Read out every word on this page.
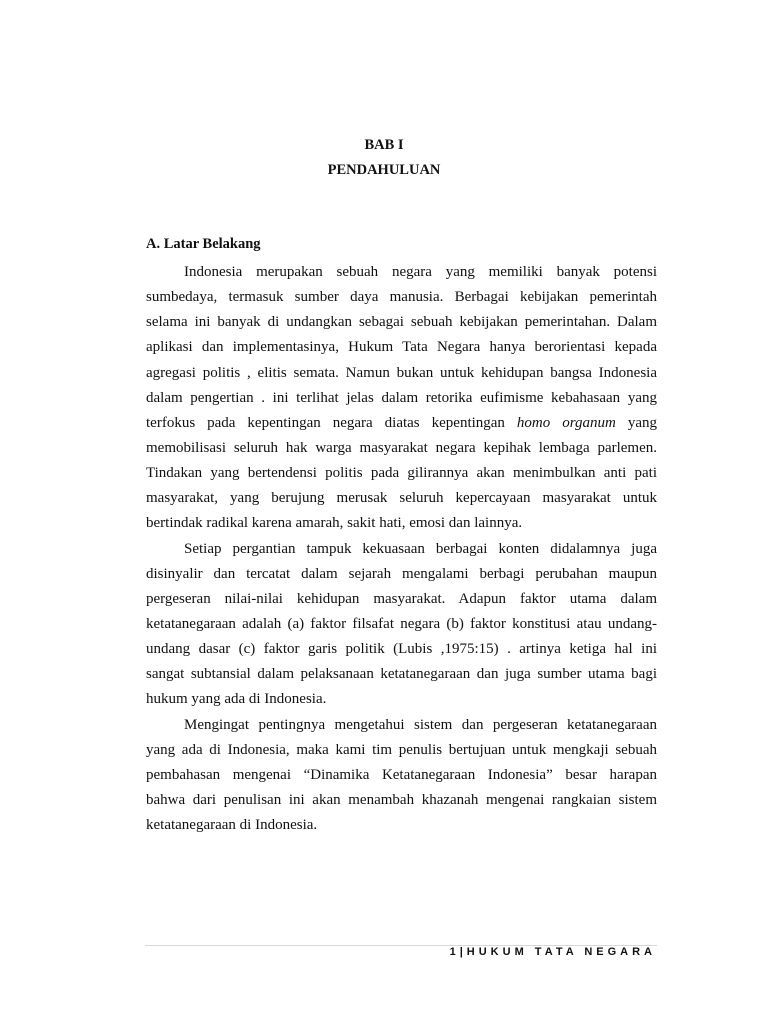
BAB I
PENDAHULUAN
A. Latar Belakang
Indonesia merupakan sebuah negara yang memiliki banyak potensi
sumbedaya, termasuk sumber daya manusia. Berbagai kebijakan pemerintah
selama ini banyak di undangkan sebagai sebuah kebijakan pemerintahan. Dalam
aplikasi dan implementasinya, Hukum Tata Negara hanya berorientasi kepada
agregasi politis , elitis semata. Namun bukan untuk kehidupan bangsa Indonesia
dalam pengertian . ini terlihat jelas dalam retorika eufimisme kebahasaan yang
terfokus pada kepentingan negara diatas kepentingan homo organum yang
memobilisasi seluruh hak warga masyarakat negara kepihak lembaga parlemen.
Tindakan yang bertendensi politis pada gilirannya akan menimbulkan anti pati
masyarakat, yang berujung merusak seluruh kepercayaan masyarakat untuk
bertindak radikal karena amarah, sakit hati, emosi dan lainnya.
Setiap pergantian tampuk kekuasaan berbagai konten didalamnya juga
disinyalir dan tercatat dalam sejarah mengalami berbagi perubahan maupun
pergeseran nilai-nilai kehidupan masyarakat. Adapun faktor utama dalam
ketatanegaraan adalah (a) faktor filsafat negara (b) faktor konstitusi atau undang-
undang dasar (c) faktor garis politik (Lubis ,1975:15) . artinya ketiga hal ini
sangat subtansial dalam pelaksanaan ketatanegaraan dan juga sumber utama bagi
hukum yang ada di Indonesia.
Mengingat pentingnya mengetahui sistem dan pergeseran ketatanegaraan
yang ada di Indonesia, maka kami tim penulis bertujuan untuk mengkaji sebuah
pembahasan mengenai “Dinamika Ketatanegaraan Indonesia” besar harapan
bahwa dari penulisan ini akan menambah khazanah mengenai rangkaian sistem
ketatanegaraan di Indonesia.
1|HUKUM TATA NEGARA
